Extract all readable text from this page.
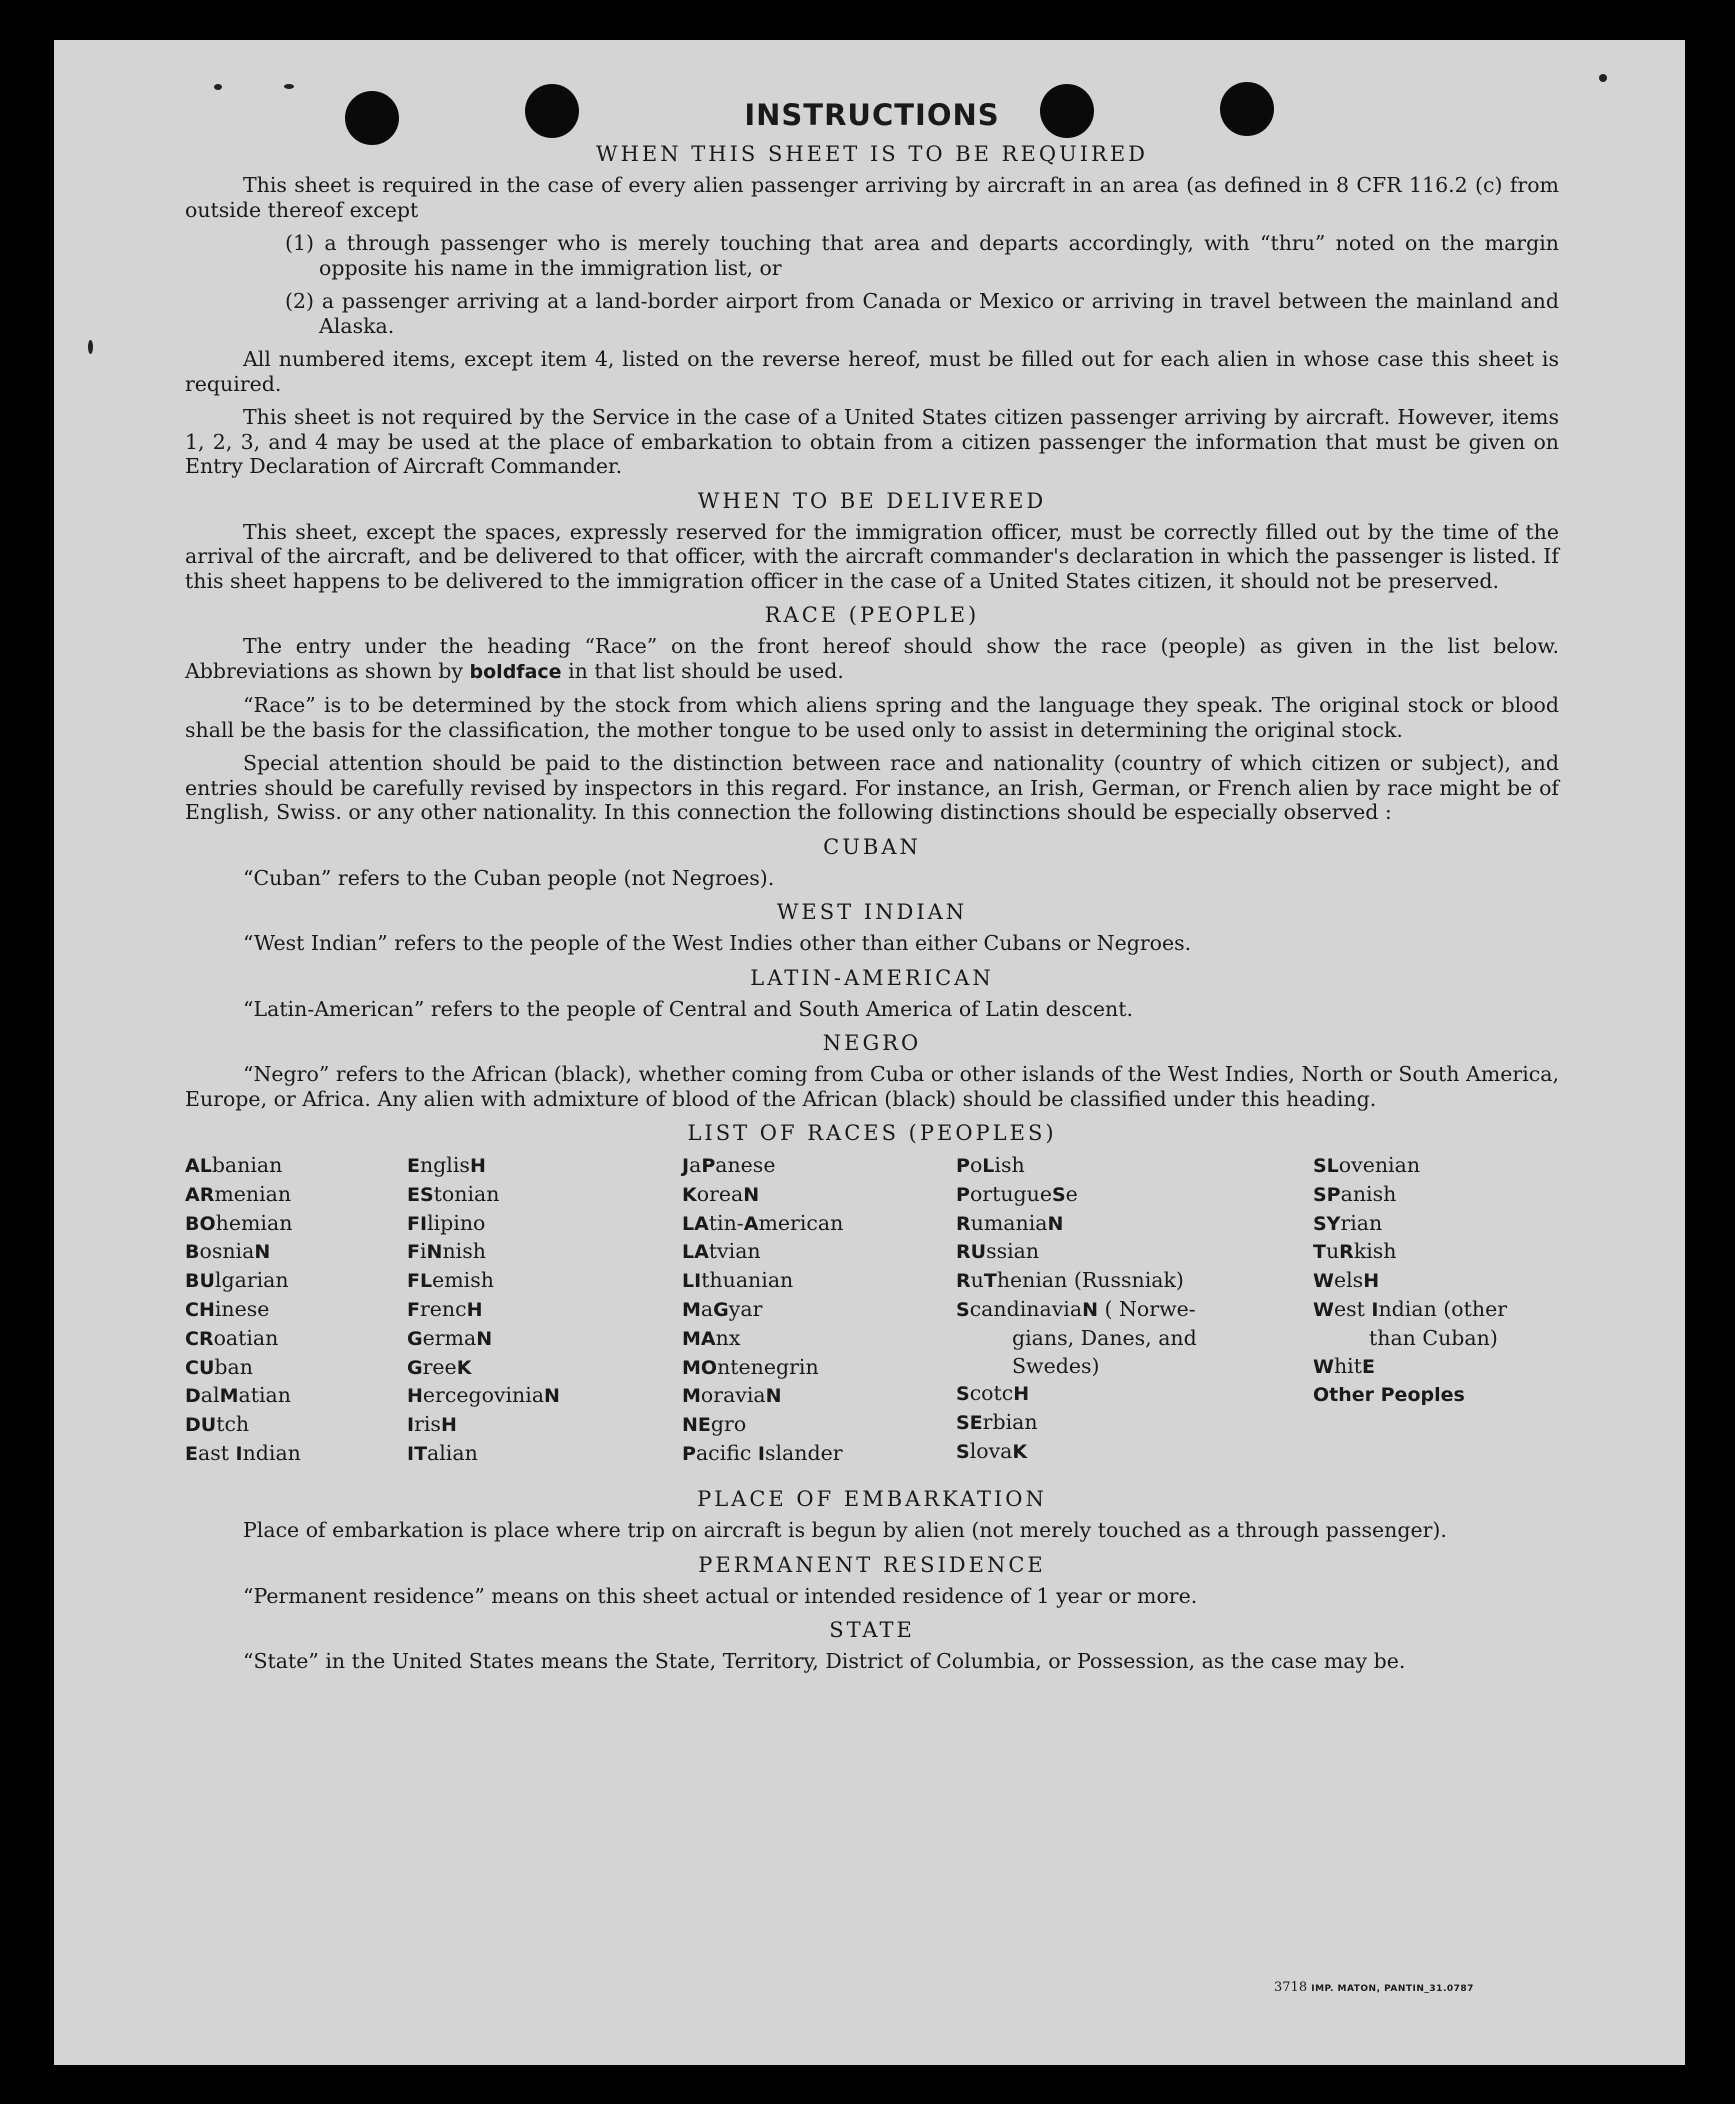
INSTRUCTIONS
WHEN THIS SHEET IS TO BE REQUIRED

This sheet is required in the case of every alien passenger arriving by aircraft in an area (as defined in 8 CFR 116.2 (c) from outside thereof except

(1) a through passenger who is merely touching that area and departs accordingly, with “thru” noted on the margin opposite his name in the immigration list, or

(2) a passenger arriving at a land-border airport from Canada or Mexico or arriving in travel between the mainland and Alaska.

All numbered items, except item 4, listed on the reverse hereof, must be filled out for each alien in whose case this sheet is required.

This sheet is not required by the Service in the case of a United States citizen passenger arriving by aircraft. However, items 1, 2, 3, and 4 may be used at the place of embarkation to obtain from a citizen passenger the information that must be given on Entry Declaration of Aircraft Commander.

WHEN TO BE DELIVERED

This sheet, except the spaces, expressly reserved for the immigration officer, must be correctly filled out by the time of the arrival of the aircraft, and be delivered to that officer, with the aircraft commander's declaration in which the passenger is listed. If this sheet happens to be delivered to the immigration officer in the case of a United States citizen, it should not be preserved.

RACE (PEOPLE)

The entry under the heading “Race” on the front hereof should show the race (people) as given in the list below. Abbreviations as shown by boldface in that list should be used.

“Race” is to be determined by the stock from which aliens spring and the language they speak. The original stock or blood shall be the basis for the classification, the mother tongue to be used only to assist in determining the original stock.

Special attention should be paid to the distinction between race and nationality (country of which citizen or subject), and entries should be carefully revised by inspectors in this regard. For instance, an Irish, German, or French alien by race might be of English, Swiss. or any other nationality. In this connection the following distinctions should be especially observed :

CUBAN

“Cuban” refers to the Cuban people (not Negroes).

WEST INDIAN

“West Indian” refers to the people of the West Indies other than either Cubans or Negroes.

LATIN-AMERICAN

“Latin-American” refers to the people of Central and South America of Latin descent.

NEGRO

“Negro” refers to the African (black), whether coming from Cuba or other islands of the West Indies, North or South America, Europe, or Africa. Any alien with admixture of blood of the African (black) should be classified under this heading.

LIST OF RACES (PEOPLES)
ALbanian
ARmenian
BOhemian
BosniaN
BUlgarian
CHinese
CRoatian
CUban
DalMatian
DUtch
East Indian
EnglisH
EStonian
FIlipino
FiNnish
FLemish
FrencH
GermaN
GreeK
HercegoviniaN
IrisH
ITalian
JaPanese
KoreaN
LAtin-American
LAtvian
LIthuanian
MaGyar
MAnx
MOntenegrin
MoraviaN
NEgro
Pacific Islander
PoLish
PortugueSe
RumaniaN
RUssian
RuThenian (Russniak)
ScandinaviaN ( Norwe-
gians, Danes, and
Swedes)
ScotcH
SErbian
SlovaK
SLovenian
SPanish
SYrian
TuRkish
WelsH
West Indian (other
than Cuban)
WhitE
Other Peoples
PLACE OF EMBARKATION

Place of embarkation is place where trip on aircraft is begun by alien (not merely touched as a through passenger).

PERMANENT RESIDENCE

“Permanent residence” means on this sheet actual or intended residence of 1 year or more.

STATE

“State” in the United States means the State, Territory, District of Columbia, or Possession, as the case may be.

3718 IMP. MATON, PANTIN_31.0787
